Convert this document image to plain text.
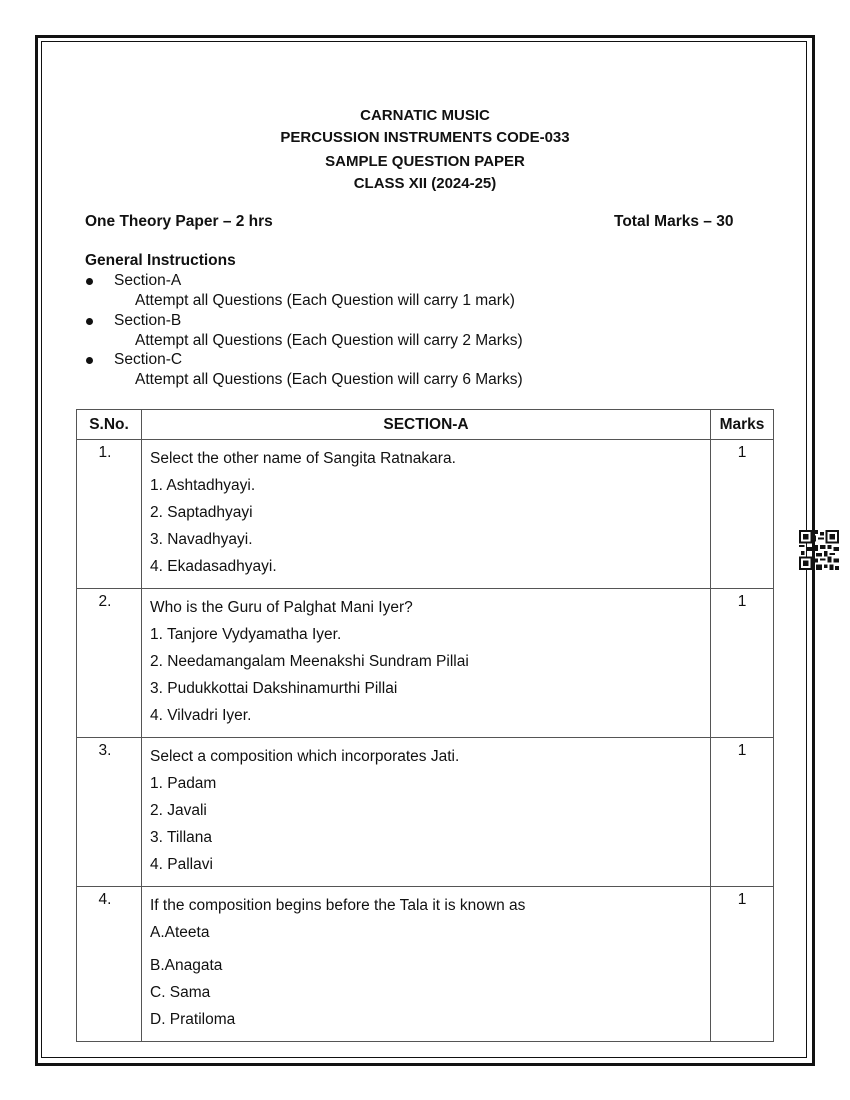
CARNATIC MUSIC
PERCUSSION INSTRUMENTS CODE-033
SAMPLE QUESTION PAPER
CLASS XII (2024-25)
One Theory Paper – 2 hrs	Total Marks – 30
General Instructions
Section-A
Attempt all Questions (Each Question will carry 1 mark)
Section-B
Attempt all Questions (Each Question will carry 2 Marks)
Section-C
Attempt all Questions (Each Question will carry 6 Marks)
S.No.	SECTION-A	Marks
1.	Select the other name of Sangita Ratnakara.
1. Ashtadhyayi.
2. Saptadhyayi
3. Navadhyayi.
4. Ekadasadhyayi.	1
2.	Who is the Guru of Palghat Mani Iyer?
1. Tanjore Vydyamatha Iyer.
2. Needamangalam Meenakshi Sundram Pillai
3. Pudukkottai Dakshinamurthi Pillai
4. Vilvadri Iyer.	1
3.	Select a composition which incorporates Jati.
1. Padam
2. Javali
3. Tillana
4. Pallavi	1
4.	If the composition begins before the Tala it is known as
A.Ateeta
B.Anagata
C. Sama
D. Pratiloma	1
